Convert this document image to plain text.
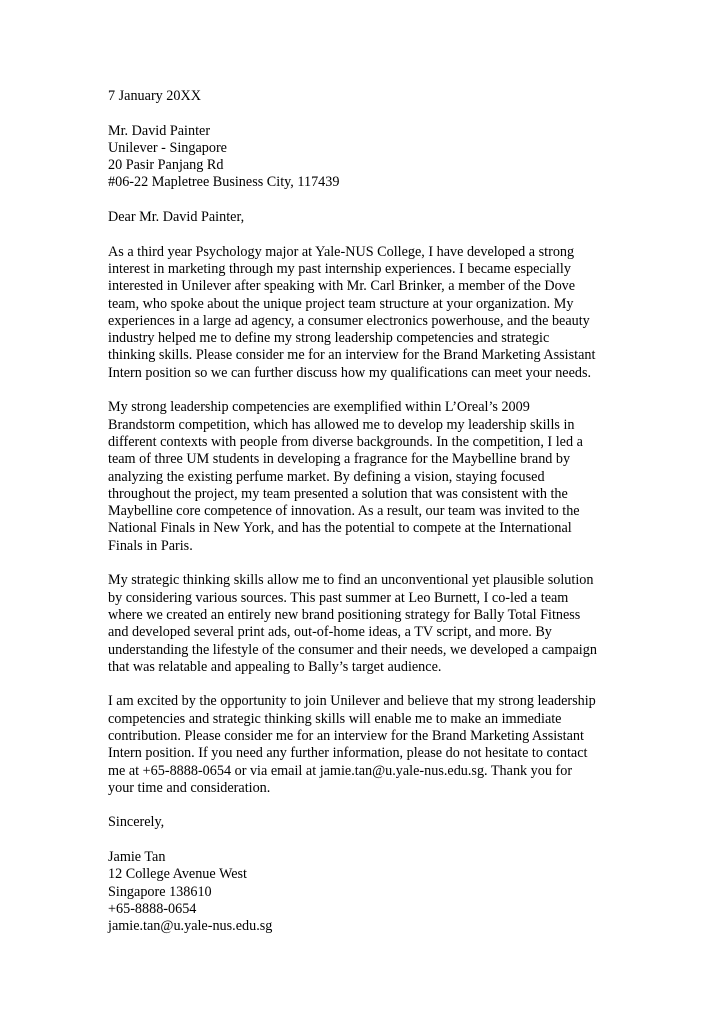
7 January 20XX
Mr. David Painter
Unilever - Singapore
20 Pasir Panjang Rd
#06-22 Mapletree Business City, 117439
Dear Mr. David Painter,
As a third year Psychology major at Yale-NUS College, I have developed a strong
interest in marketing through my past internship experiences. I became especially
interested in Unilever after speaking with Mr. Carl Brinker, a member of the Dove
team, who spoke about the unique project team structure at your organization. My
experiences in a large ad agency, a consumer electronics powerhouse, and the beauty
industry helped me to define my strong leadership competencies and strategic
thinking skills. Please consider me for an interview for the Brand Marketing Assistant
Intern position so we can further discuss how my qualifications can meet your needs.
My strong leadership competencies are exemplified within L’Oreal’s 2009
Brandstorm competition, which has allowed me to develop my leadership skills in
different contexts with people from diverse backgrounds. In the competition, I led a
team of three UM students in developing a fragrance for the Maybelline brand by
analyzing the existing perfume market. By defining a vision, staying focused
throughout the project, my team presented a solution that was consistent with the
Maybelline core competence of innovation. As a result, our team was invited to the
National Finals in New York, and has the potential to compete at the International
Finals in Paris.
My strategic thinking skills allow me to find an unconventional yet plausible solution
by considering various sources. This past summer at Leo Burnett, I co-led a team
where we created an entirely new brand positioning strategy for Bally Total Fitness
and developed several print ads, out-of-home ideas, a TV script, and more. By
understanding the lifestyle of the consumer and their needs, we developed a campaign
that was relatable and appealing to Bally’s target audience.
I am excited by the opportunity to join Unilever and believe that my strong leadership
competencies and strategic thinking skills will enable me to make an immediate
contribution. Please consider me for an interview for the Brand Marketing Assistant
Intern position. If you need any further information, please do not hesitate to contact
me at +65-8888-0654 or via email at jamie.tan@u.yale-nus.edu.sg. Thank you for
your time and consideration.
Sincerely,
Jamie Tan
12 College Avenue West
Singapore 138610
+65-8888-0654
jamie.tan@u.yale-nus.edu.sg
